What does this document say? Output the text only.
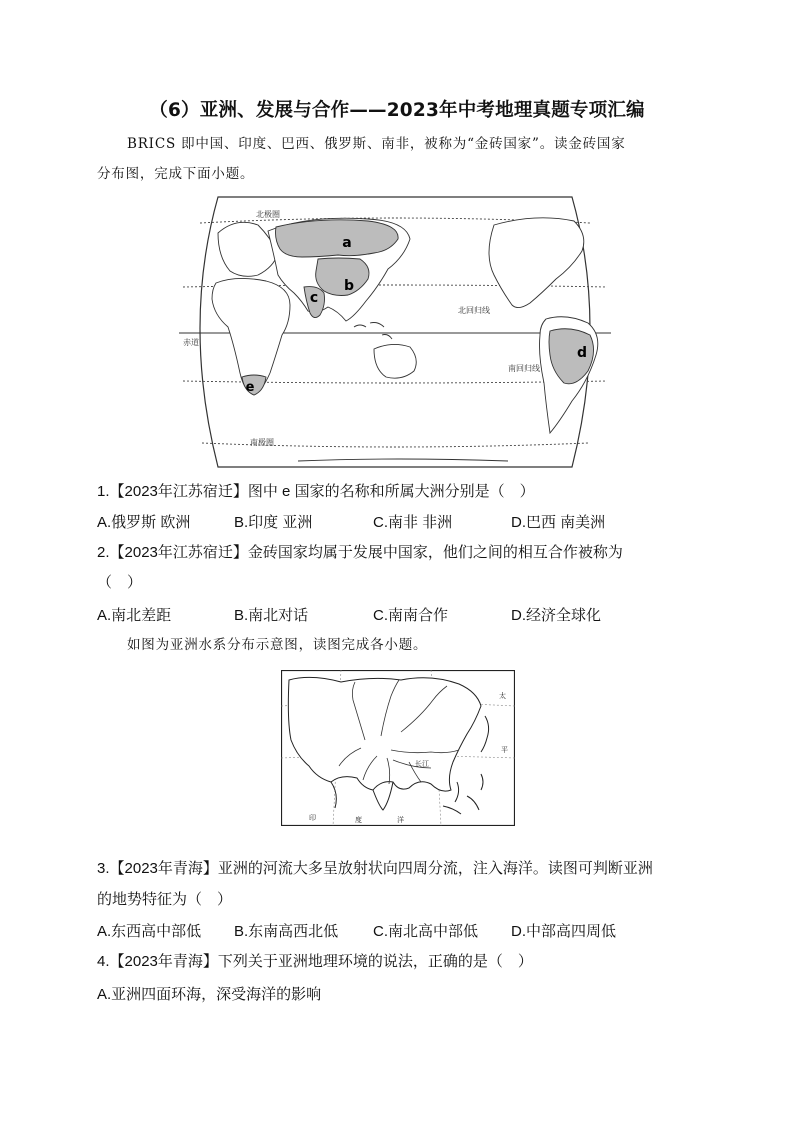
（6）亚洲、发展与合作——2023年中考地理真题专项汇编
BRICS 即中国、印度、巴西、俄罗斯、南非，被称为“金砖国家”。读金砖国家
分布图，完成下面小题。
e
a
b
c
d
北极圈
北回归线
赤道
南回归线
南极圈
1.【2023年江苏宿迁】图中 e 国家的名称和所属大洲分别是（　）
A.俄罗斯 欧洲	B.印度 亚洲	C.南非 非洲	D.巴西 南美洲
2.【2023年江苏宿迁】金砖国家均属于发展中国家，他们之间的相互合作被称为
（　）
A.南北差距	B.南北对话	C.南南合作	D.经济全球化
如图为亚洲水系分布示意图，读图完成各小题。
长江
太
平
印	度	洋
3.【2023年青海】亚洲的河流大多呈放射状向四周分流，注入海洋。读图可判断亚洲
的地势特征为（　）
A.东西高中部低 B.东南高西北低 C.南北高中部低 D.中部高四周低
4.【2023年青海】下列关于亚洲地理环境的说法，正确的是（　）
A.亚洲四面环海，深受海洋的影响
